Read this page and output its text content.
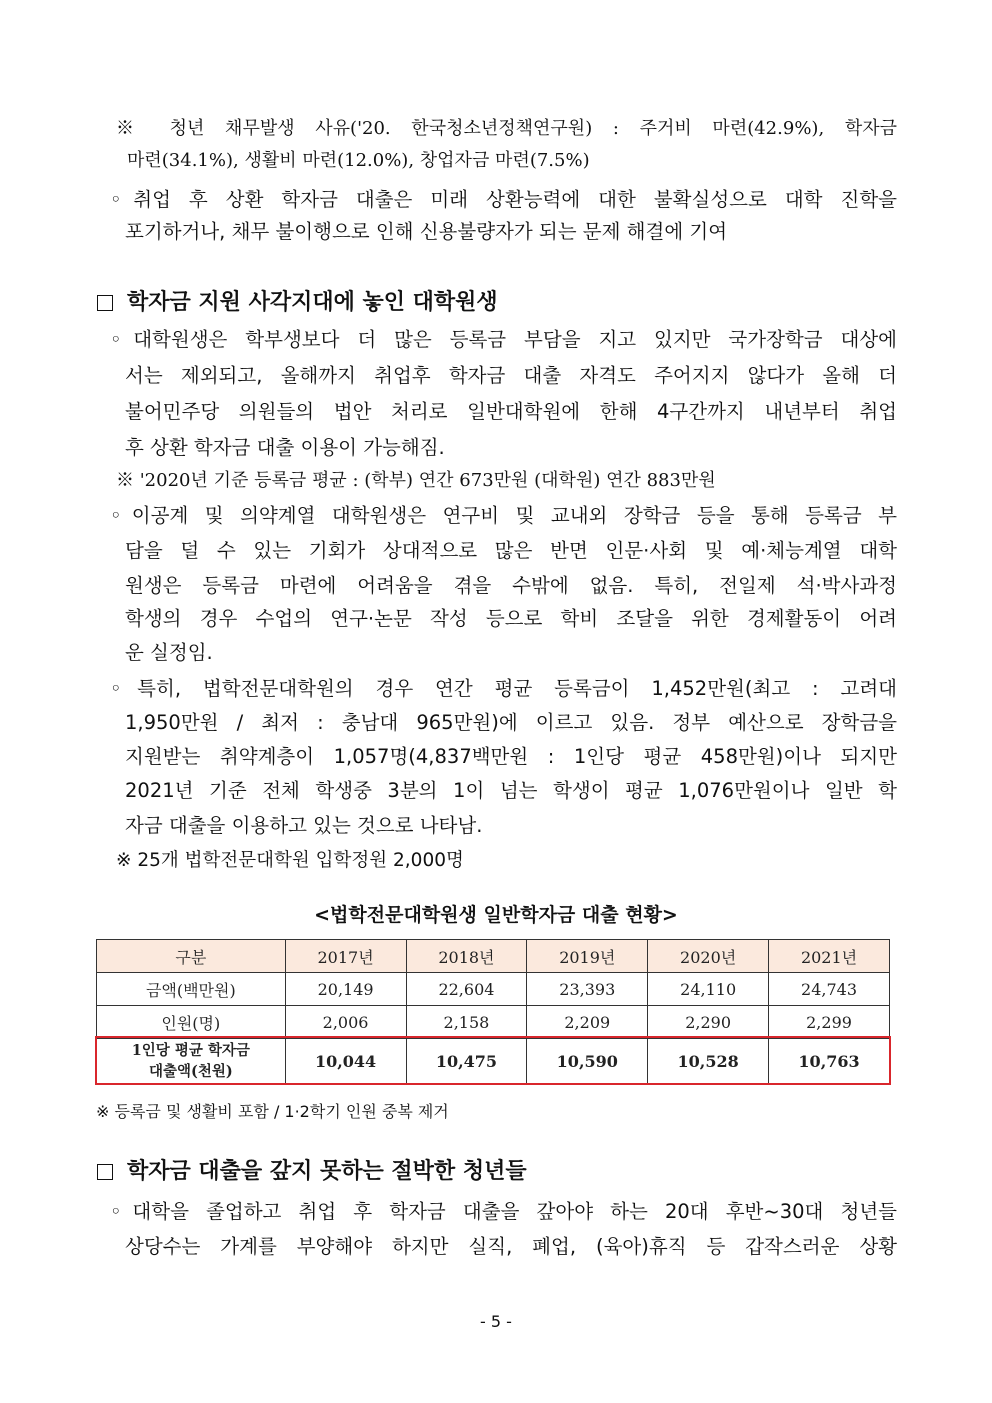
※ 청년 채무발생 사유('20. 한국청소년정책연구원) : 주거비 마련(42.9%), 학자금
마련(34.1%), 생활비 마련(12.0%), 창업자금 마련(7.5%)
◦취업 후 상환 학자금 대출은 미래 상환능력에 대한 불확실성으로 대학 진학을
포기하거나, 채무 불이행으로 인해 신용불량자가 되는 문제 해결에 기여
학자금 지원 사각지대에 놓인 대학원생
◦대학원생은 학부생보다 더 많은 등록금 부담을 지고 있지만 국가장학금 대상에
서는 제외되고, 올해까지 취업후 학자금 대출 자격도 주어지지 않다가 올해 더
불어민주당 의원들의 법안 처리로 일반대학원에 한해 4구간까지 내년부터 취업
후 상환 학자금 대출 이용이 가능해짐.
※ '2020년 기준 등록금 평균 : (학부) 연간 673만원 (대학원) 연간 883만원
◦이공계 및 의약계열 대학원생은 연구비 및 교내외 장학금 등을 통해 등록금 부
담을 덜 수 있는 기회가 상대적으로 많은 반면 인문·사회 및 예·체능계열 대학
원생은 등록금 마련에 어려움을 겪을 수밖에 없음. 특히, 전일제 석·박사과정
학생의 경우 수업의 연구·논문 작성 등으로 학비 조달을 위한 경제활동이 어려
운 실정임.
◦특히, 법학전문대학원의 경우 연간 평균 등록금이 1,452만원(최고 : 고려대
1,950만원 / 최저 : 충남대 965만원)에 이르고 있음. 정부 예산으로 장학금을
지원받는 취약계층이 1,057명(4,837백만원 : 1인당 평균 458만원)이나 되지만
2021년 기준 전체 학생중 3분의 1이 넘는 학생이 평균 1,076만원이나 일반 학
자금 대출을 이용하고 있는 것으로 나타남.
※ 25개 법학전문대학원 입학정원 2,000명
<법학전문대학원생 일반학자금 대출 현황>
구분	2017년	2018년	2019년	2020년	2021년
금액(백만원)	20,149	22,604	23,393	24,110	24,743
인원(명)	2,006	2,158	2,209	2,290	2,299
1인당 평균 학자금
대출액(천원)	10,044	10,475	10,590	10,528	10,763
※ 등록금 및 생활비 포함 / 1·2학기 인원 중복 제거
학자금 대출을 갚지 못하는 절박한 청년들
◦대학을 졸업하고 취업 후 학자금 대출을 갚아야 하는 20대 후반~30대 청년들
상당수는 가계를 부양해야 하지만 실직, 폐업, (육아)휴직 등 갑작스러운 상황
- 5 -
